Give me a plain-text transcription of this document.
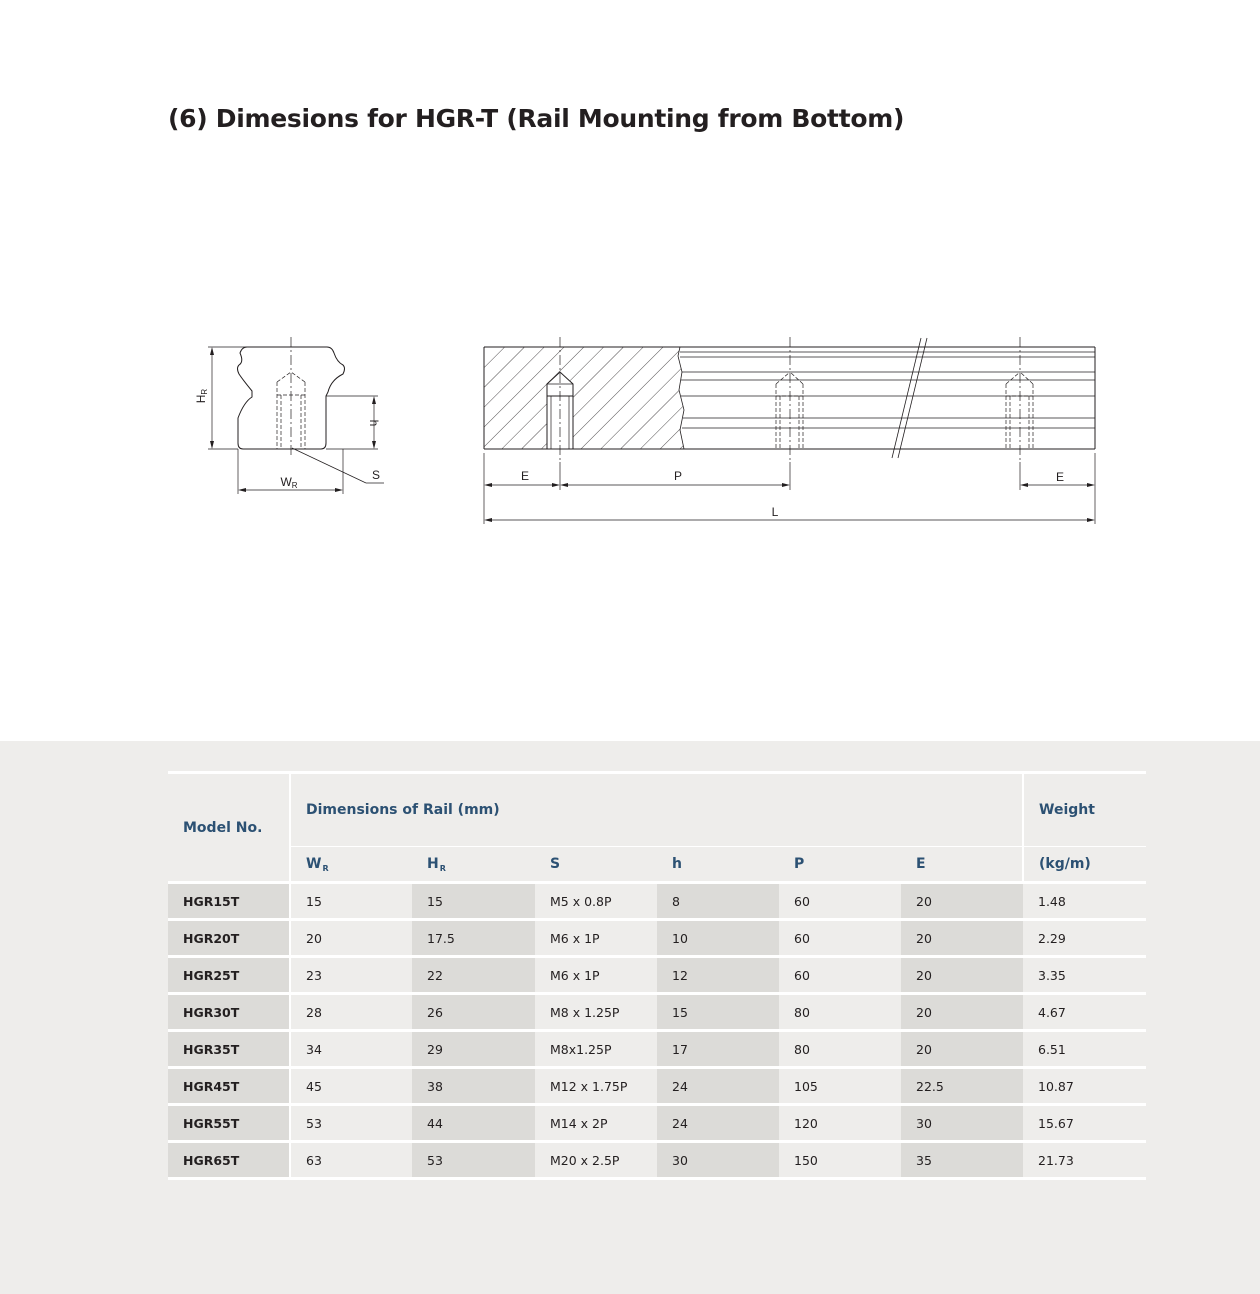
(6) Dimesions for HGR-T (Rail Mounting from Bottom)
HR
h
WR
S	E	P	E
L
Model No.	Dimensions of Rail (mm)						Weight
	$W_R$	$H_R$	S	h	P	E	(kg/m)
HGR15T	15	15	M5 x 0.8P	8	60	20	1.48
HGR20T	20	17.5	M6 x 1P	10	60	20	2.29
HGR25T	23	22	M6 x 1P	12	60	20	3.35
HGR30T	28	26	M8 x 1.25P	15	80	20	4.67
HGR35T	34	29	M8x1.25P	17	80	20	6.51
HGR45T	45	38	M12 x 1.75P	24	105	22.5	10.87
HGR55T	53	44	M14 x 2P	24	120	30	15.67
HGR65T	63	53	M20 x 2.5P	30	150	35	21.73
